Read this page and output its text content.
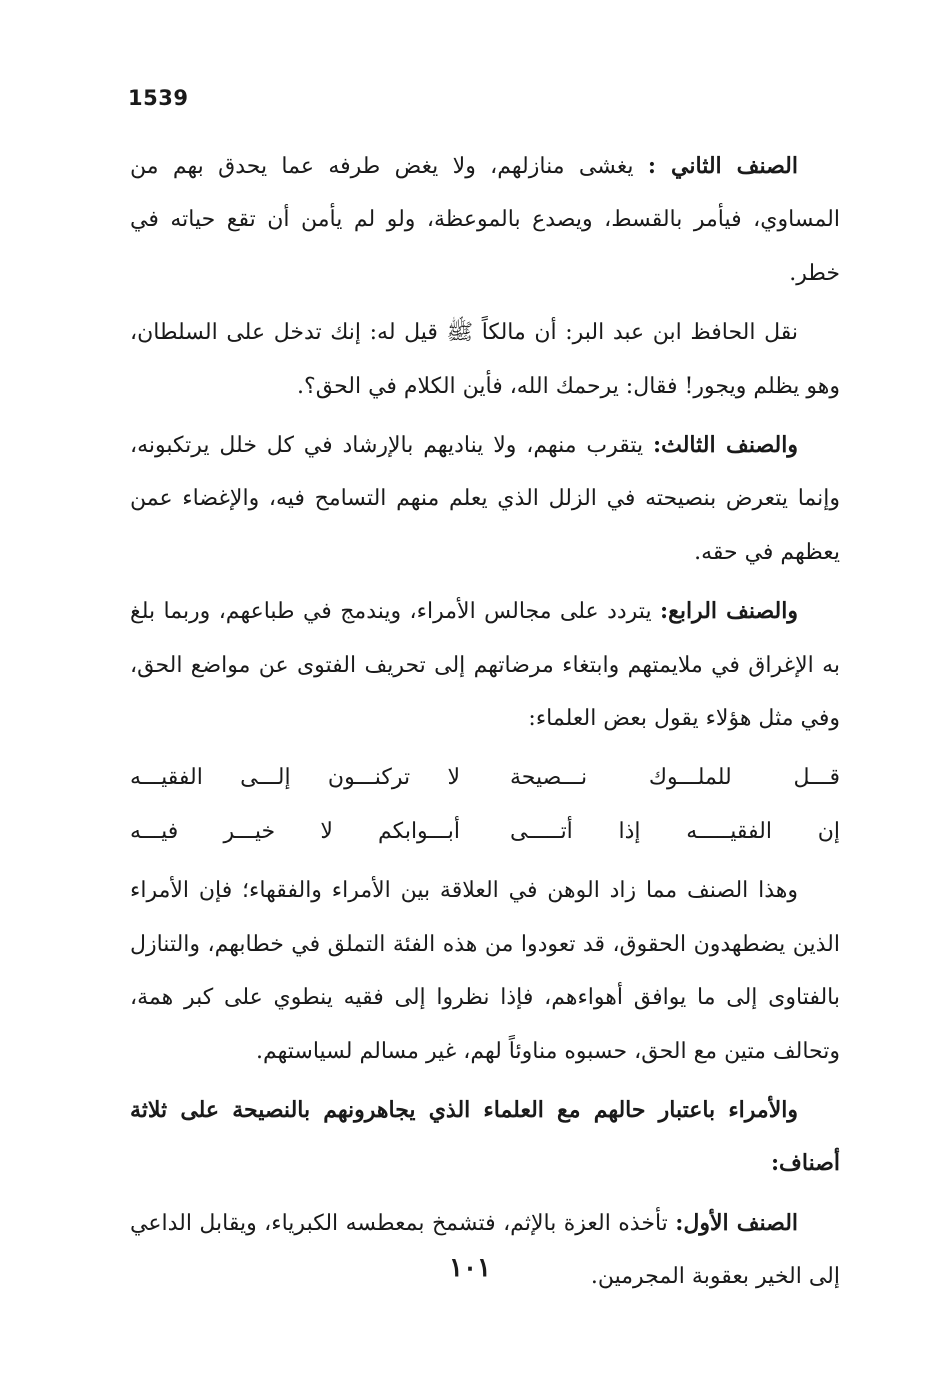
1539

الصنف الثاني : يغشى منازلهم، ولا يغض طرفه عما يحدق بهم من المساوي، فيأمر بالقسط، ويصدع بالموعظة، ولو لم يأمن أن تقع حياته في خطر.

نقل الحافظ ابن عبد البر: أن مالكاً ﷺ قيل له: إنك تدخل على السلطان، وهو يظلم ويجور! فقال: يرحمك الله، فأين الكلام في الحق؟.

والصنف الثالث: يتقرب منهم، ولا يناديهم بالإرشاد في كل خلل يرتكبونه، وإنما يتعرض بنصيحته في الزلل الذي يعلم منهم التسامح فيه، والإغضاء عمن يعظهم في حقه.

والصنف الرابع: يتردد على مجالس الأمراء، ويندمج في طباعهم، وربما بلغ به الإغراق في ملايمتهم وابتغاء مرضاتهم إلى تحريف الفتوى عن مواضع الحق، وفي مثل هؤلاء يقول بعض العلماء:

قـــل للملـــوك نـــصيحة
لا تركنـــون إلـــى الفقيـــه
إن الفقيـــــه إذا أتـــــى
أبـــوابكم لا خيـــر فيـــه

وهذا الصنف مما زاد الوهن في العلاقة بين الأمراء والفقهاء؛ فإن الأمراء الذين يضطهدون الحقوق، قد تعودوا من هذه الفئة التملق في خطابهم، والتنازل بالفتاوى إلى ما يوافق أهواءهم، فإذا نظروا إلى فقيه ينطوي على كبر همة، وتحالف متين مع الحق، حسبوه مناوئاً لهم، غير مسالم لسياستهم.

والأمراء باعتبار حالهم مع العلماء الذي يجاهرونهم بالنصيحة على ثلاثة أصناف:

الصنف الأول: تأخذه العزة بالإثم، فتشمخ بمعطسه الكبرياء، ويقابل الداعي إلى الخير بعقوبة المجرمين.

١٠١
